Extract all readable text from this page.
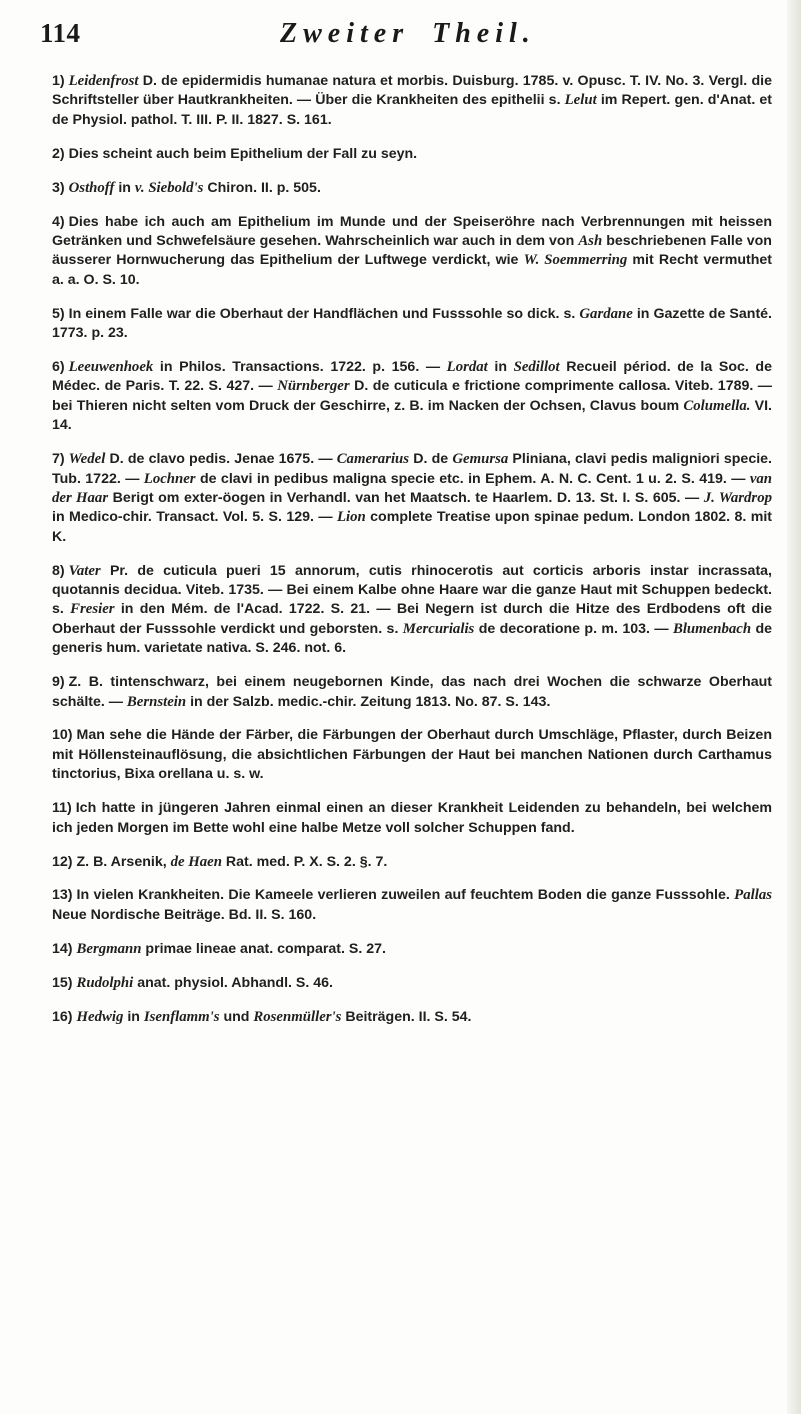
114	Zweiter Theil.

1) Leidenfrost D. de epidermidis humanae natura et morbis. Duisburg. 1785. v. Opusc. T. IV. No. 3. Vergl. die Schriftsteller über Hautkrankheiten. — Über die Krankheiten des epithelii s. Lelut im Repert. gen. d'Anat. et de Physiol. pathol. T. III. P. II. 1827. S. 161.

2) Dies scheint auch beim Epithelium der Fall zu seyn.

3) Osthoff in v. Siebold's Chiron. II. p. 505.

4) Dies habe ich auch am Epithelium im Munde und der Speiseröhre nach Verbrennungen mit heissen Getränken und Schwefelsäure gesehen. Wahrscheinlich war auch in dem von Ash beschriebenen Falle von äusserer Hornwucherung das Epithelium der Luftwege verdickt, wie W. Soemmerring mit Recht vermuthet a. a. O. S. 10.

5) In einem Falle war die Oberhaut der Handflächen und Fusssohle so dick. s. Gardane in Gazette de Santé. 1773. p. 23.

6) Leeuwenhoek in Philos. Transactions. 1722. p. 156. — Lordat in Sedillot Recueil périod. de la Soc. de Médec. de Paris. T. 22. S. 427. — Nürnberger D. de cuticula e frictione comprimente callosa. Viteb. 1789. — bei Thieren nicht selten vom Druck der Geschirre, z. B. im Nacken der Ochsen, Clavus boum Columella. VI. 14.

7) Wedel D. de clavo pedis. Jenae 1675. — Camerarius D. de Gemursa Pliniana, clavi pedis maligniori specie. Tub. 1722. — Lochner de clavi in pedibus maligna specie etc. in Ephem. A. N. C. Cent. 1 u. 2. S. 419. — van der Haar Berigt om exter-öogen in Verhandl. van het Maatsch. te Haarlem. D. 13. St. I. S. 605. — J. Wardrop in Medico-chir. Transact. Vol. 5. S. 129. — Lion complete Treatise upon spinae pedum. London 1802. 8. mit K.

8) Vater Pr. de cuticula pueri 15 annorum, cutis rhinocerotis aut corticis arboris instar incrassata, quotannis decidua. Viteb. 1735. — Bei einem Kalbe ohne Haare war die ganze Haut mit Schuppen bedeckt. s. Fresier in den Mém. de l'Acad. 1722. S. 21. — Bei Negern ist durch die Hitze des Erdbodens oft die Oberhaut der Fusssohle verdickt und geborsten. s. Mercurialis de decoratione p. m. 103. — Blumenbach de generis hum. varietate nativa. S. 246. not. 6.

9) Z. B. tintenschwarz, bei einem neugebornen Kinde, das nach drei Wochen die schwarze Oberhaut schälte. — Bernstein in der Salzb. medic.-chir. Zeitung 1813. No. 87. S. 143.

10) Man sehe die Hände der Färber, die Färbungen der Oberhaut durch Umschläge, Pflaster, durch Beizen mit Höllensteinauflösung, die absichtlichen Färbungen der Haut bei manchen Nationen durch Carthamus tinctorius, Bixa orellana u. s. w.

11) Ich hatte in jüngeren Jahren einmal einen an dieser Krankheit Leidenden zu behandeln, bei welchem ich jeden Morgen im Bette wohl eine halbe Metze voll solcher Schuppen fand.

12) Z. B. Arsenik, de Haen Rat. med. P. X. S. 2. §. 7.

13) In vielen Krankheiten. Die Kameele verlieren zuweilen auf feuchtem Boden die ganze Fusssohle. Pallas Neue Nordische Beiträge. Bd. II. S. 160.

14) Bergmann primae lineae anat. comparat. S. 27.

15) Rudolphi anat. physiol. Abhandl. S. 46.

16) Hedwig in Isenflamm's und Rosenmüller's Beiträgen. II. S. 54.
